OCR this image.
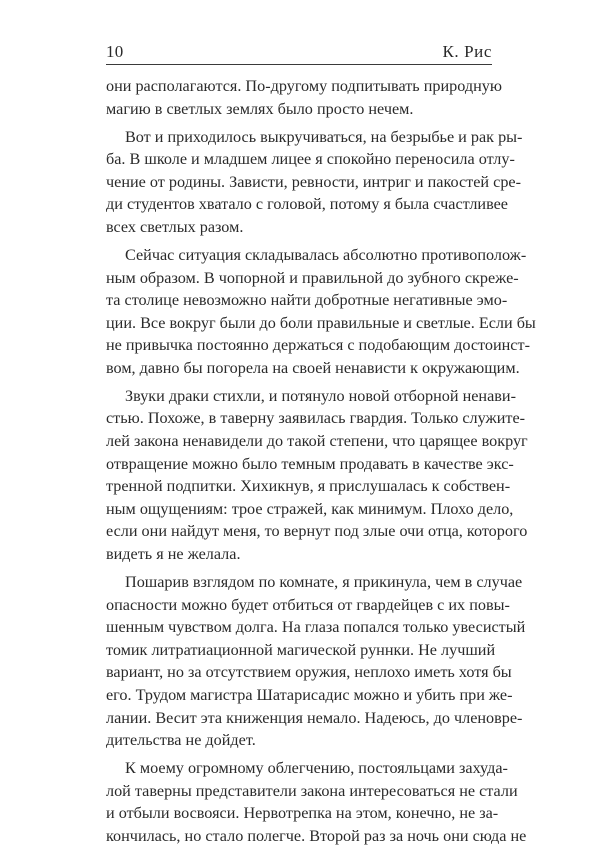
10	К. Рис
они располагаются. По-другому подпитывать природную
магию в светлых землях было просто нечем.
Вот и приходилось выкручиваться, на безрыбье и рак ры-
ба. В школе и младшем лицее я спокойно переносила отлу-
чение от родины. Зависти, ревности, интриг и пакостей сре-
ди студентов хватало с головой, потому я была счастливее
всех светлых разом.
Сейчас ситуация складывалась абсолютно противополож-
ным образом. В чопорной и правильной до зубного скреже-
та столице невозможно найти добротные негативные эмо-
ции. Все вокруг были до боли правильные и светлые. Если бы
не привычка постоянно держаться с подобающим достоинст-
вом, давно бы погорела на своей ненависти к окружающим.
Звуки драки стихли, и потянуло новой отборной ненави-
стью. Похоже, в таверну заявилась гвардия. Только служите-
лей закона ненавидели до такой степени, что царящее вокруг
отвращение можно было темным продавать в качестве экс-
тренной подпитки. Хихикнув, я прислушалась к собствен-
ным ощущениям: трое стражей, как минимум. Плохо дело,
если они найдут меня, то вернут под злые очи отца, которого
видеть я не желала.
Пошарив взглядом по комнате, я прикинула, чем в случае
опасности можно будет отбиться от гвардейцев с их повы-
шенным чувством долга. На глаза попался только увесистый
томик литратиационной магической руннки. Не лучший
вариант, но за отсутствием оружия, неплохо иметь хотя бы
его. Трудом магистра Шатарисадис можно и убить при же-
лании. Весит эта книженция немало. Надеюсь, до членовре-
дительства не дойдет.
К моему огромному облегчению, постояльцами захуда-
лой таверны представители закона интересоваться не стали
и отбыли восвояси. Нервотрепка на этом, конечно, не за-
кончилась, но стало полегче. Второй раз за ночь они сюда не
